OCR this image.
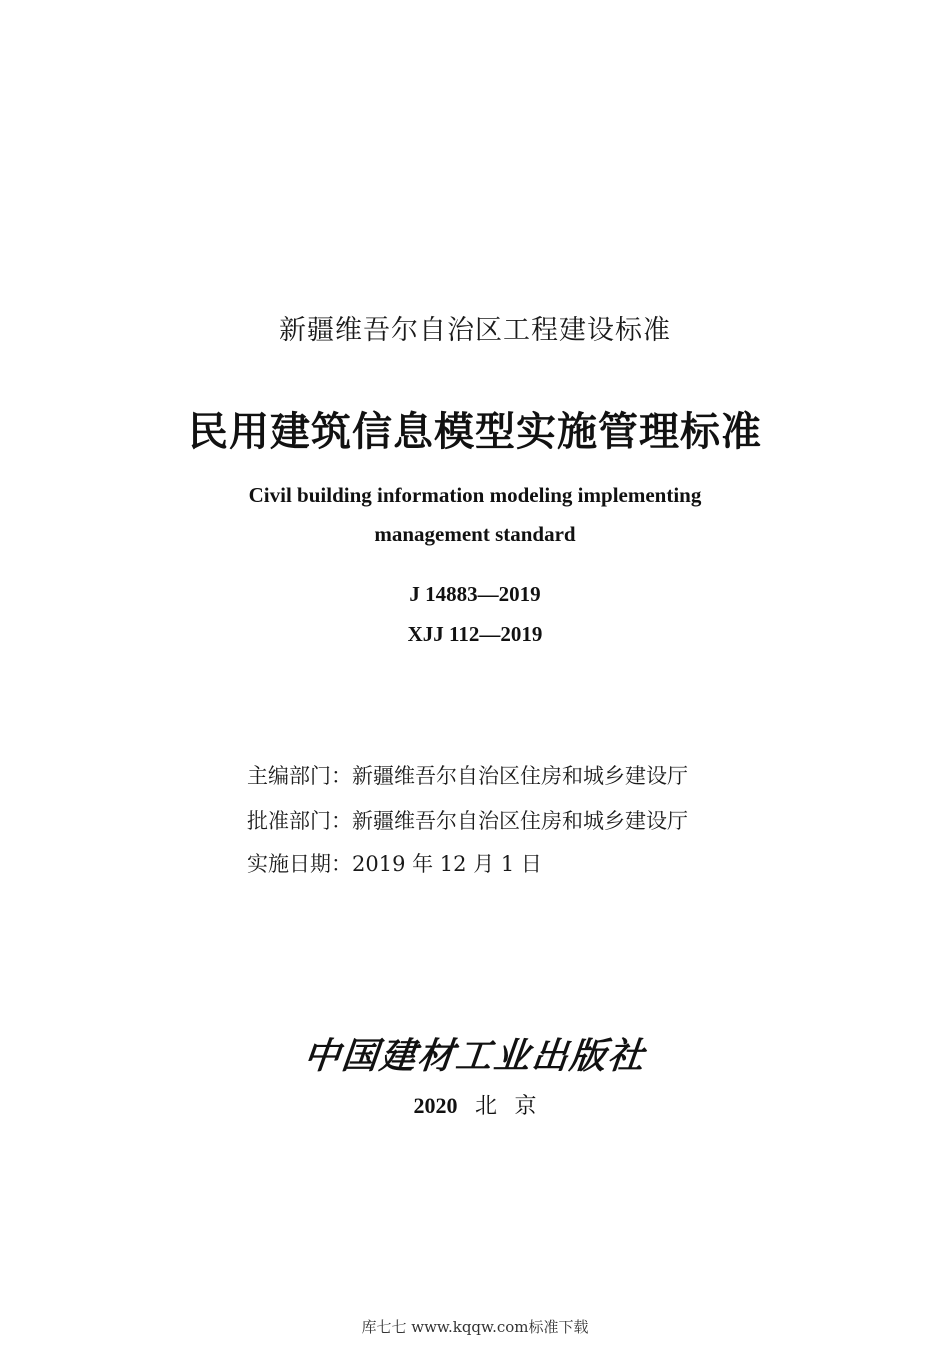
新疆维吾尔自治区工程建设标准
民用建筑信息模型实施管理标准
Civil building information modeling implementing
management standard
J 14883—2019
XJJ 112—2019
主编部门：新疆维吾尔自治区住房和城乡建设厅
批准部门：新疆维吾尔自治区住房和城乡建设厅
实施日期：2019 年 12 月 1 日
中国建材工业出版社
2020 北 京
库七七 www.kqqw.com标准下载
